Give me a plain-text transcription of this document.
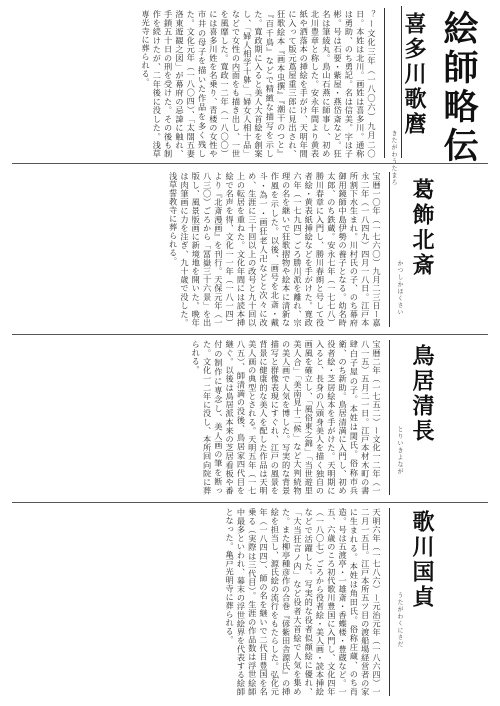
絵師略伝
喜多川歌麿
きたがわうたまろ
？ー文化三年（一八〇六）九月二〇日。本姓は北川。画姓は喜多川。通称は勇助、のち勇記。名は信美。字は子彬。号は石要・紫屋・燕岱斎など。狂名は筆綾丸。鳥山石燕に師事し、初め北川豊章と称した。安永年間より黄表紙や洒落本の挿絵を手がけ、天明年間に入って版元蔦屋重三郎に見出され、狂歌絵本『画本虫撰』『潮干のつと』『百千鳥』などで精緻な描写を示した。寛政期に入ると美人大首絵を創案し、「婦人相学十躰」「婦女人相十品」などで女性の内面をも描き出し、一世を風靡した。寛政一二年（一八〇〇）には喜多川姓を名乗り、青楼の女性や市井の母子を描いた作品を多く残した。文化元年（一八〇四）、「太閤五妻洛東遊観之図」が幕府の忌諱に触れ、手鎖五十日の刑を受けた。その後も制作を続けたが、二年後に没した。浅草専光寺に葬られる。
葛飾北斎
かつしかほくさい
宝暦一〇年（一七六〇）九月二三日ー嘉永二年（一八四九）四月一八日。江戸本所割下水生まれ。川村氏の子、のち幕府御用鏡師中島伊勢の養子となる。幼名時太郎、のち鉄蔵。安永七年（一七七八）勝川春章に入門し、勝川春朗と号して役者絵・黄表紙挿絵などを手がけた。寛政六年（一七九四）ごろ勝川派を離れ、宗理の名を継いで狂歌摺物や絵本に清新な作風を示した。以後、画号を北斎・戴斗・為一・画狂老人卍などと次々に改め、生涯に三十回以上の改号と九十回以上の転居を重ねた。文化年間には読本挿絵で名声を得、文化一一年（一八一四）より『北斎漫画』を刊行。天保元年（一八三〇）ごろから「冨嶽三十六景」を出版し、風景版画に新境地を開いた。晩年は肉筆画に力を注ぎ、九十歳で没した。浅草誓教寺に葬られる。
鳥居清長
とりいきよなが
宝暦二年（一七五二）ー文化一二年（一八一五）五月二一日。江戸本材木町の書肆白子屋の子。本姓は関氏。俗称市兵衛、のち新助。鳥居清満に入門し、初め役者絵・芝居絵本を手がけた。天明期に入ると、長身の八頭身美人を描く独自の画風を確立し、「風俗東之錦」「当世遊里美人合」「美南見十二候」など大判続物の美人画で人気を博した。写実的な背景描写と群像表現にすぐれ、江戸の風景を背景に健康的な美人を配した作品は天明美人画の典型とされる。天明五年（一七八五）、師清満の没後、鳥居家四代目を継ぐ。以後は鳥居派本来の芝居看板や番付の制作に専念し、美人画の筆を断った。文化一二年に没し、本所回向院に葬られる。
歌川国貞
うたがわくにさだ
天明六年（一七八六）ー元治元年（一八六四）一二月一五日。江戸本所五ツ目の渡船場経営者の家に生まれる。本姓は角田氏。俗称庄蔵、のち肖造。号は五渡亭・一雄斎・香蝶楼・豊蔵など。一五、六歳のころ初代歌川豊国に入門し、文化四年（一八〇七）ごろから役者絵・美人画・読本挿絵などで活躍した。写実的な役者似顔絵に優れ、「大当狂言ノ内」など役者大首絵で人気を集めた。また柳亭種彦作の合巻『偐紫田舎源氏』の挿絵を担当し、源氏絵の流行をもたらした。弘化元年（一八四四）、師の名を継いで二代目豊国を名乗る（実際は三代目）。生涯の作品数は浮世絵師中最多といわれ、幕末の浮世絵界を代表する絵師となった。亀戸光明寺に葬られる。
